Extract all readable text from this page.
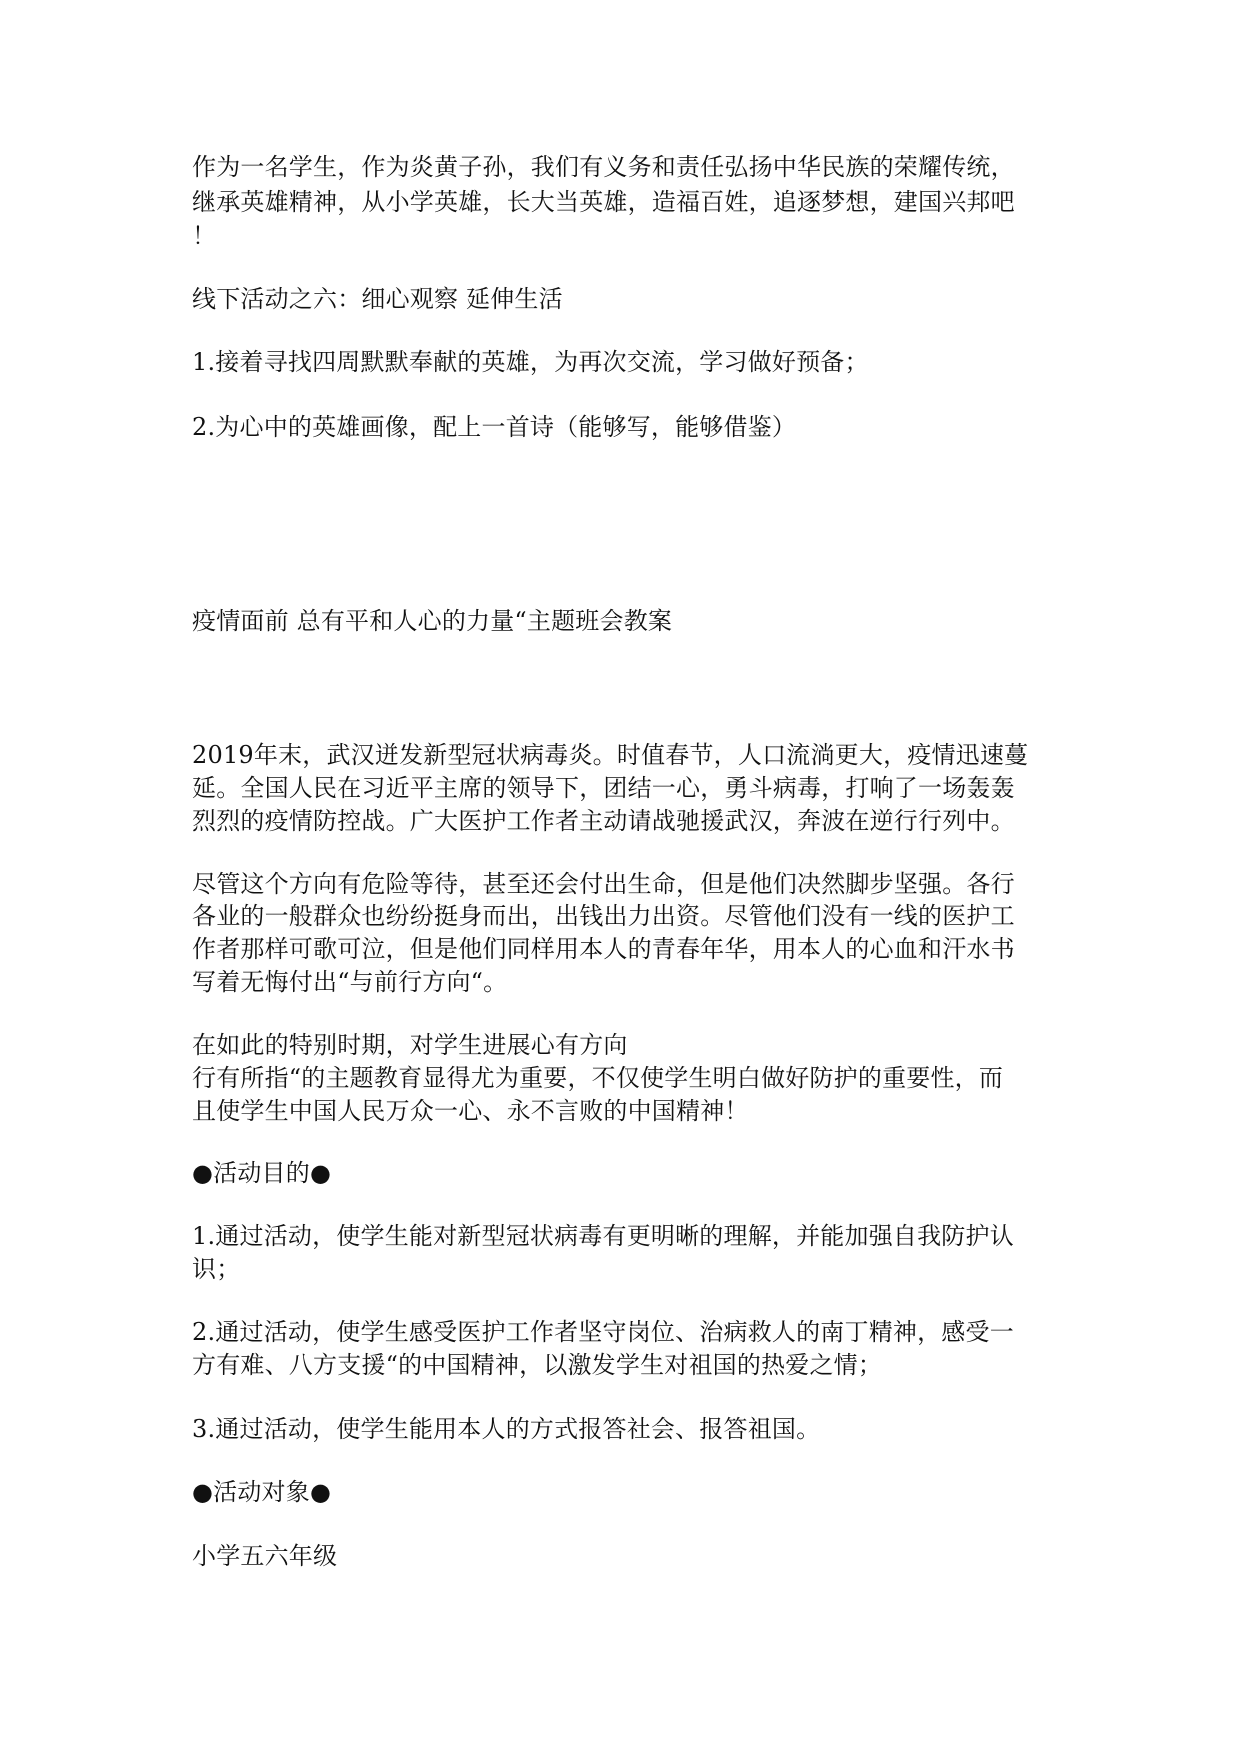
作为一名学生，作为炎黄子孙，我们有义务和责任弘扬中华民族的荣耀传统，

继承英雄精神，从小学英雄，长大当英雄，造福百姓，追逐梦想，建国兴邦吧

！

线下活动之六：细心观察 延伸生活

1.接着寻找四周默默奉献的英雄，为再次交流，学习做好预备；

2.为心中的英雄画像，配上一首诗（能够写，能够借鉴）

疫情面前 总有平和人心的力量“主题班会教案

2019年末，武汉迸发新型冠状病毒炎。时值春节，人口流淌更大，疫情迅速蔓

延。全国人民在习近平主席的领导下，团结一心，勇斗病毒，打响了一场轰轰

烈烈的疫情防控战。广大医护工作者主动请战驰援武汉，奔波在逆行行列中。

尽管这个方向有危险等待，甚至还会付出生命，但是他们决然脚步坚强。各行

各业的一般群众也纷纷挺身而出，出钱出力出资。尽管他们没有一线的医护工

作者那样可歌可泣，但是他们同样用本人的青春年华，用本人的心血和汗水书

写着无悔付出“与前行方向“。

在如此的特别时期，对学生进展心有方向

行有所指“的主题教育显得尤为重要，不仅使学生明白做好防护的重要性，而

且使学生中国人民万众一心、永不言败的中国精神！

●活动目的●

1.通过活动，使学生能对新型冠状病毒有更明晰的理解，并能加强自我防护认

识；

2.通过活动，使学生感受医护工作者坚守岗位、治病救人的南丁精神，感受一

方有难、八方支援“的中国精神，以激发学生对祖国的热爱之情；

3.通过活动，使学生能用本人的方式报答社会、报答祖国。

●活动对象●

小学五六年级
